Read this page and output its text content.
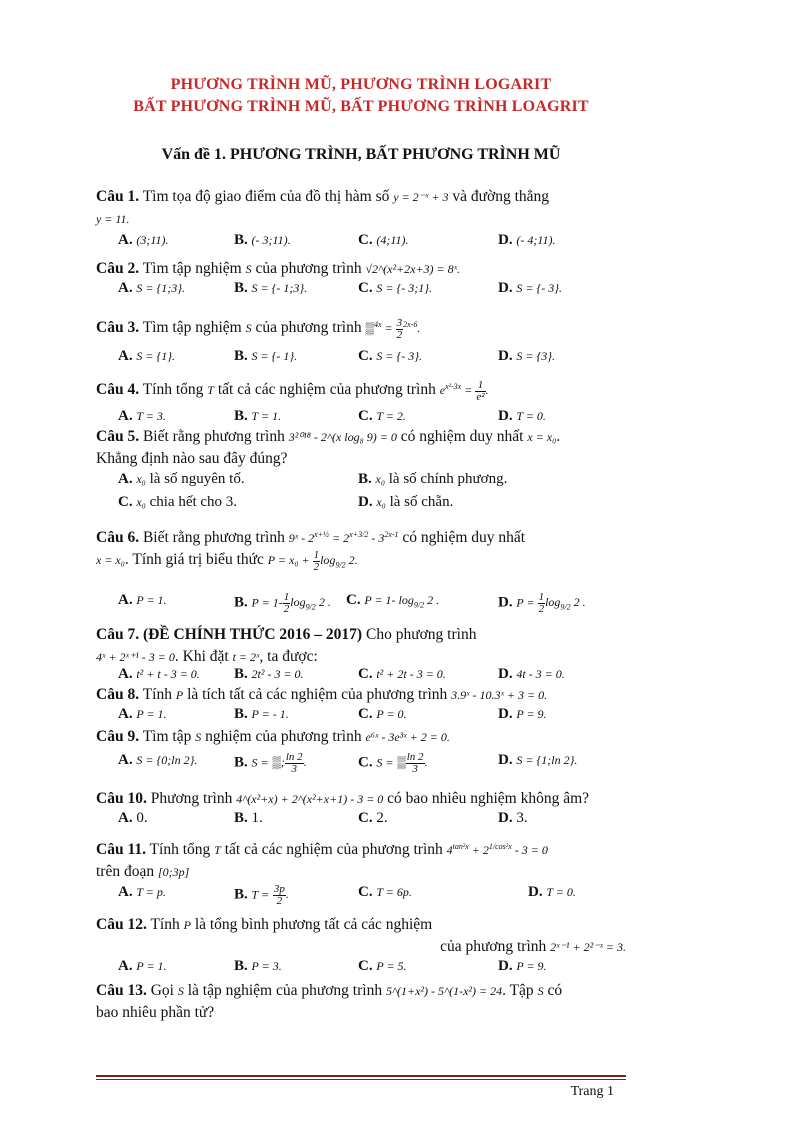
PHƯƠNG TRÌNH MŨ, PHƯƠNG TRÌNH LOGARIT
BẤT PHƯƠNG TRÌNH MŨ, BẤT PHƯƠNG TRÌNH LOAGRIT
Vấn đề 1. PHƯƠNG TRÌNH, BẤT PHƯƠNG TRÌNH MŨ
Câu 1. Tìm tọa độ giao điểm của đồ thị hàm số y = 2⁻ˣ + 3 và đường thẳng
y = 11.
A. (3;11).	B. (- 3;11).	C. (4;11).	D. (- 4;11).
Câu 2. Tìm tập nghiệm S của phương trình √2^(x²+2x+3) = 8ˣ.
A. S = {1;3}.	B. S = {- 1;3}.	C. S = {- 3;1}.	D. S = {- 3}.
Câu 3. Tìm tập nghiệm S của phương trình ▒$^{4x}$ = $\frac{3}{2} ^{2x-6}$.
A. S = {1}.	B. S = {- 1}.	C. S = {- 3}.	D. S = {3}.
Câu 4. Tính tổng T tất cả các nghiệm của phương trình $e^{x^2-3x} = \frac{1}{\text{e²}}$ .
A. T = 3.	B. T = 1.	C. T = 2.	D. T = 0.
Câu 5. Biết rằng phương trình 3²⁰¹⁸ - 2^(x log₈ 9) = 0 có nghiệm duy nhất x = x₀.
Khẳng định nào sau đây đúng?
A. x₀ là số nguyên tố.	B. x₀ là số chính phương.
C. x₀ chia hết cho 3.	D. x₀ là số chẵn.
Câu 6. Biết rằng phương trình 9ˣ - $2^{x+\frac{1}{2}} = 2^{x+3/2} - 3^{2x-1}$ có nghiệm duy nhất
x = x₀. Tính giá trị biểu thức $P = x_0 + \frac{1}{2} \log_{9/2} 2$.
A. P = 1.	B. $P = 1- \frac{1}{2} \log_{9/2} 2$ . C. P = 1- $\log_{9/2} 2$ .	D. $P = \frac{1}{2} \log_{9/2} 2$ .
Câu 7. (ĐỀ CHÍNH THỨC 2016 – 2017) Cho phương trình
4ˣ + 2ˣ⁺¹ - 3 = 0. Khi đặt t = 2ˣ, ta được:
A. t² + t - 3 = 0. B. 2t² - 3 = 0.	C. t² + 2t - 3 = 0.	D. 4t - 3 = 0.
Câu 8. Tính P là tích tất cả các nghiệm của phương trình 3.9ˣ - 10.3ˣ + 3 = 0.
A. P = 1.	B. P = - 1.	C. P = 0.	D. P = 9.
Câu 9. Tìm tập S nghiệm của phương trình e⁶ˣ - 3e³ˣ + 2 = 0.
A. S = {0;ln 2}. B. S = ▒; $\frac{\ln 2}{3}$ .	C. S = ▒ $\frac{\ln 2}{3}$ .	D. S = {1;ln 2}.
Câu 10. Phương trình 4^(x²+x) + 2^(x²+x+1) - 3 = 0 có bao nhiêu nghiệm không âm?
A. 0.	B. 1.	C. 2.	D. 3.
Câu 11. Tính tổng T tất cả các nghiệm của phương trình $4^{tan^2x} + 2^{1/cos^2x} - 3 = 0$
trên đoạn [0;3p]
A. T = p.	B. $T = \frac{3p}{2}$ .	C. T = 6p.	D. T = 0.
Câu 12. Tính P là tổng bình phương tất cả các nghiệm
của phương trình 2ˣ⁻¹ + 2²⁻ˣ = 3.
A. P = 1.	B. P = 3.	C. P = 5.	D. P = 9.
Câu 13. Gọi S là tập nghiệm của phương trình 5^(1+x²) - 5^(1-x²) = 24. Tập S có
bao nhiêu phần tử?
Trang 1
